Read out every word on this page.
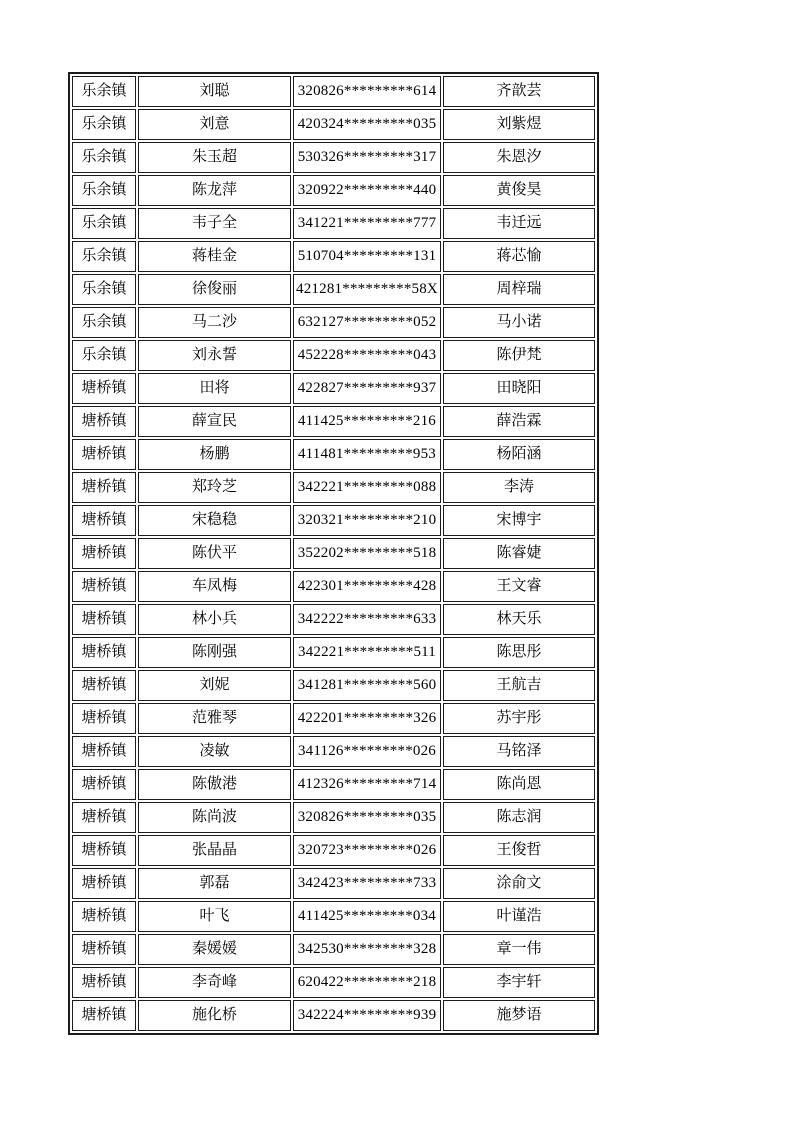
乐余镇	刘聪	320826*********614	齐歆芸
乐余镇	刘意	420324*********035	刘紫煜
乐余镇	朱玉超	530326*********317	朱恩汐
乐余镇	陈龙萍	320922*********440	黄俊昊
乐余镇	韦子全	341221*********777	韦迁远
乐余镇	蒋桂金	510704*********131	蒋芯愉
乐余镇	徐俊丽	421281*********58X	周梓瑞
乐余镇	马二沙	632127*********052	马小诺
乐余镇	刘永誓	452228*********043	陈伊梵
塘桥镇	田将	422827*********937	田晓阳
塘桥镇	薛宣民	411425*********216	薛浩霖
塘桥镇	杨鹏	411481*********953	杨陌涵
塘桥镇	郑玲芝	342221*********088	李涛
塘桥镇	宋稳稳	320321*********210	宋博宇
塘桥镇	陈伏平	352202*********518	陈睿婕
塘桥镇	车凤梅	422301*********428	王文睿
塘桥镇	林小兵	342222*********633	林天乐
塘桥镇	陈刚强	342221*********511	陈思彤
塘桥镇	刘妮	341281*********560	王航吉
塘桥镇	范雅琴	422201*********326	苏宇彤
塘桥镇	凌敏	341126*********026	马铭泽
塘桥镇	陈傲港	412326*********714	陈尚恩
塘桥镇	陈尚波	320826*********035	陈志润
塘桥镇	张晶晶	320723*********026	王俊哲
塘桥镇	郭磊	342423*********733	涂俞文
塘桥镇	叶飞	411425*********034	叶谨浩
塘桥镇	秦媛媛	342530*********328	章一伟
塘桥镇	李奇峰	620422*********218	李宇轩
塘桥镇	施化桥	342224*********939	施梦语
